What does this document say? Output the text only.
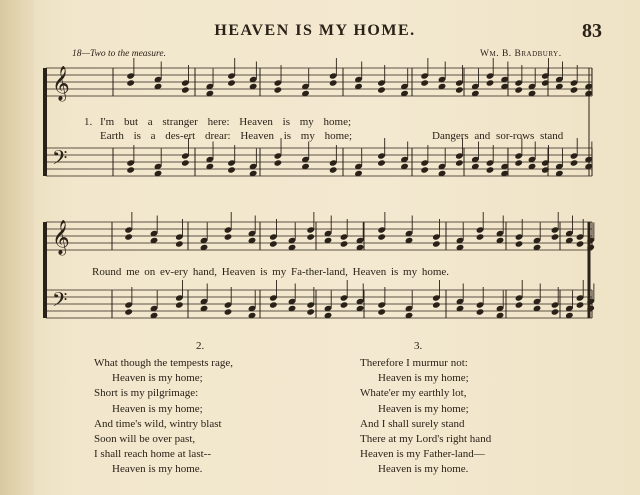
HEAVEN IS MY HOME.	83
18—Two to the measure.	Wm. B. Bradbury.
𝄞
𝄢
𝄞
𝄢
1. I'm but a stranger here: Heaven is my home;
Earth is a des-ert drear: Heaven is my home;	Dangers and sor-rows stand
Round me on ev-ery hand, Heaven is my Fa-ther-land, Heaven is my home.
2.	3.
What though the tempests rage,
Heaven is my home;
Short is my pilgrimage:
Heaven is my home;
And time's wild, wintry blast
Soon will be over past,
I shall reach home at last--
Heaven is my home.
Therefore I murmur not:
Heaven is my home;
Whate'er my earthly lot,
Heaven is my home;
And I shall surely stand
There at my Lord's right hand
Heaven is my Father-land—
Heaven is my home.
